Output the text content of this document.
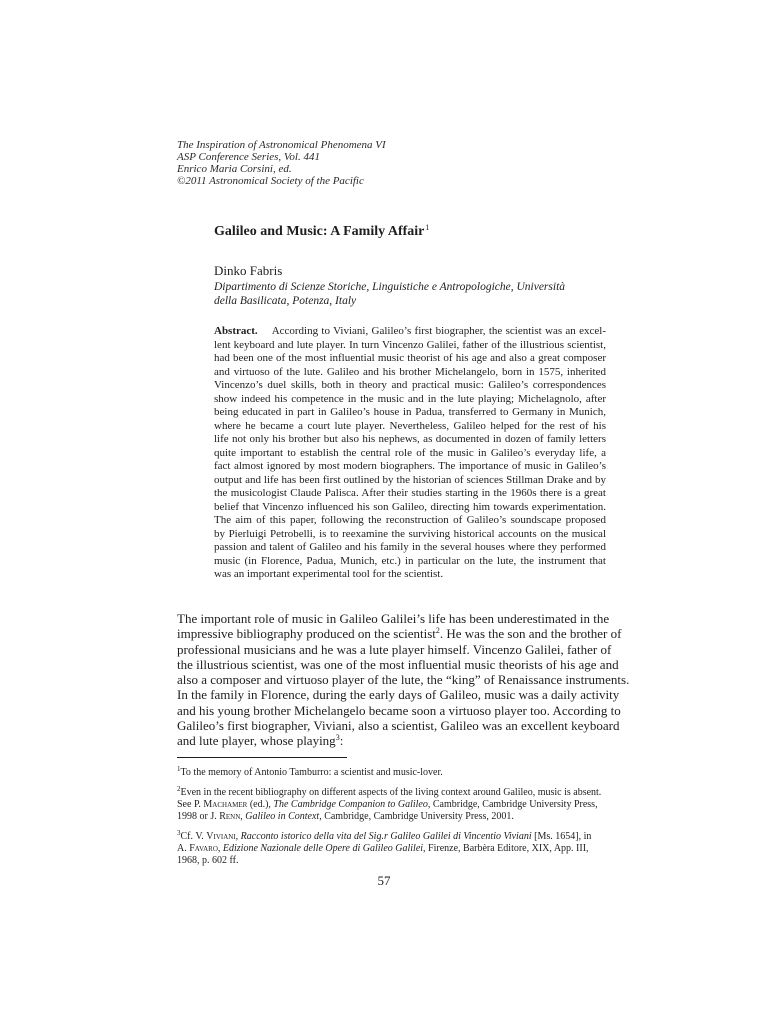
The Inspiration of Astronomical Phenomena VI
ASP Conference Series, Vol. 441
Enrico Maria Corsini, ed.
©2011 Astronomical Society of the Pacific
Galileo and Music: A Family Affair$^1$
Dinko Fabris
Dipartimento di Scienze Storiche, Linguistiche e Antropologiche, Università
della Basilicata, Potenza, Italy
Abstract. According to Viviani, Galileo’s first biographer, the scientist was an excel-
lent keyboard and lute player. In turn Vincenzo Galilei, father of the illustrious scientist,
had been one of the most influential music theorist of his age and also a great composer
and virtuoso of the lute. Galileo and his brother Michelangelo, born in 1575, inherited
Vincenzo’s duel skills, both in theory and practical music: Galileo’s correspondences
show indeed his competence in the music and in the lute playing; Michelagnolo, after
being educated in part in Galileo’s house in Padua, transferred to Germany in Munich,
where he became a court lute player. Nevertheless, Galileo helped for the rest of his
life not only his brother but also his nephews, as documented in dozen of family letters
quite important to establish the central role of the music in Galileo’s everyday life, a
fact almost ignored by most modern biographers. The importance of music in Galileo’s
output and life has been first outlined by the historian of sciences Stillman Drake and by
the musicologist Claude Palisca. After their studies starting in the 1960s there is a great
belief that Vincenzo influenced his son Galileo, directing him towards experimentation.
The aim of this paper, following the reconstruction of Galileo’s soundscape proposed
by Pierluigi Petrobelli, is to reexamine the surviving historical accounts on the musical
passion and talent of Galileo and his family in the several houses where they performed
music (in Florence, Padua, Munich, etc.) in particular on the lute, the instrument that
was an important experimental tool for the scientist.
The important role of music in Galileo Galilei’s life has been underestimated in the
impressive bibliography produced on the scientist$^2$. He was the son and the brother of
professional musicians and he was a lute player himself. Vincenzo Galilei, father of
the illustrious scientist, was one of the most influential music theorists of his age and
also a composer and virtuoso player of the lute, the “king” of Renaissance instruments.
In the family in Florence, during the early days of Galileo, music was a daily activity
and his young brother Michelangelo became soon a virtuoso player too. According to
Galileo’s first biographer, Viviani, also a scientist, Galileo was an excellent keyboard
and lute player, whose playing$^3$:
$^1$To the memory of Antonio Tamburro: a scientist and music-lover.
$^2$Even in the recent bibliography on different aspects of the living context around Galileo, music is absent.
See P. Machamer (ed.), The Cambridge Companion to Galileo, Cambridge, Cambridge University Press,
1998 or J. Renn, Galileo in Context, Cambridge, Cambridge University Press, 2001.
$^3$Cf. V. Viviani, Racconto istorico della vita del Sig.r Galileo Galilei di Vincentio Viviani [Ms. 1654], in
A. Favaro, Edizione Nazionale delle Opere di Galileo Galilei, Firenze, Barbèra Editore, XIX, App. III,
1968, p. 602 ff.
57
